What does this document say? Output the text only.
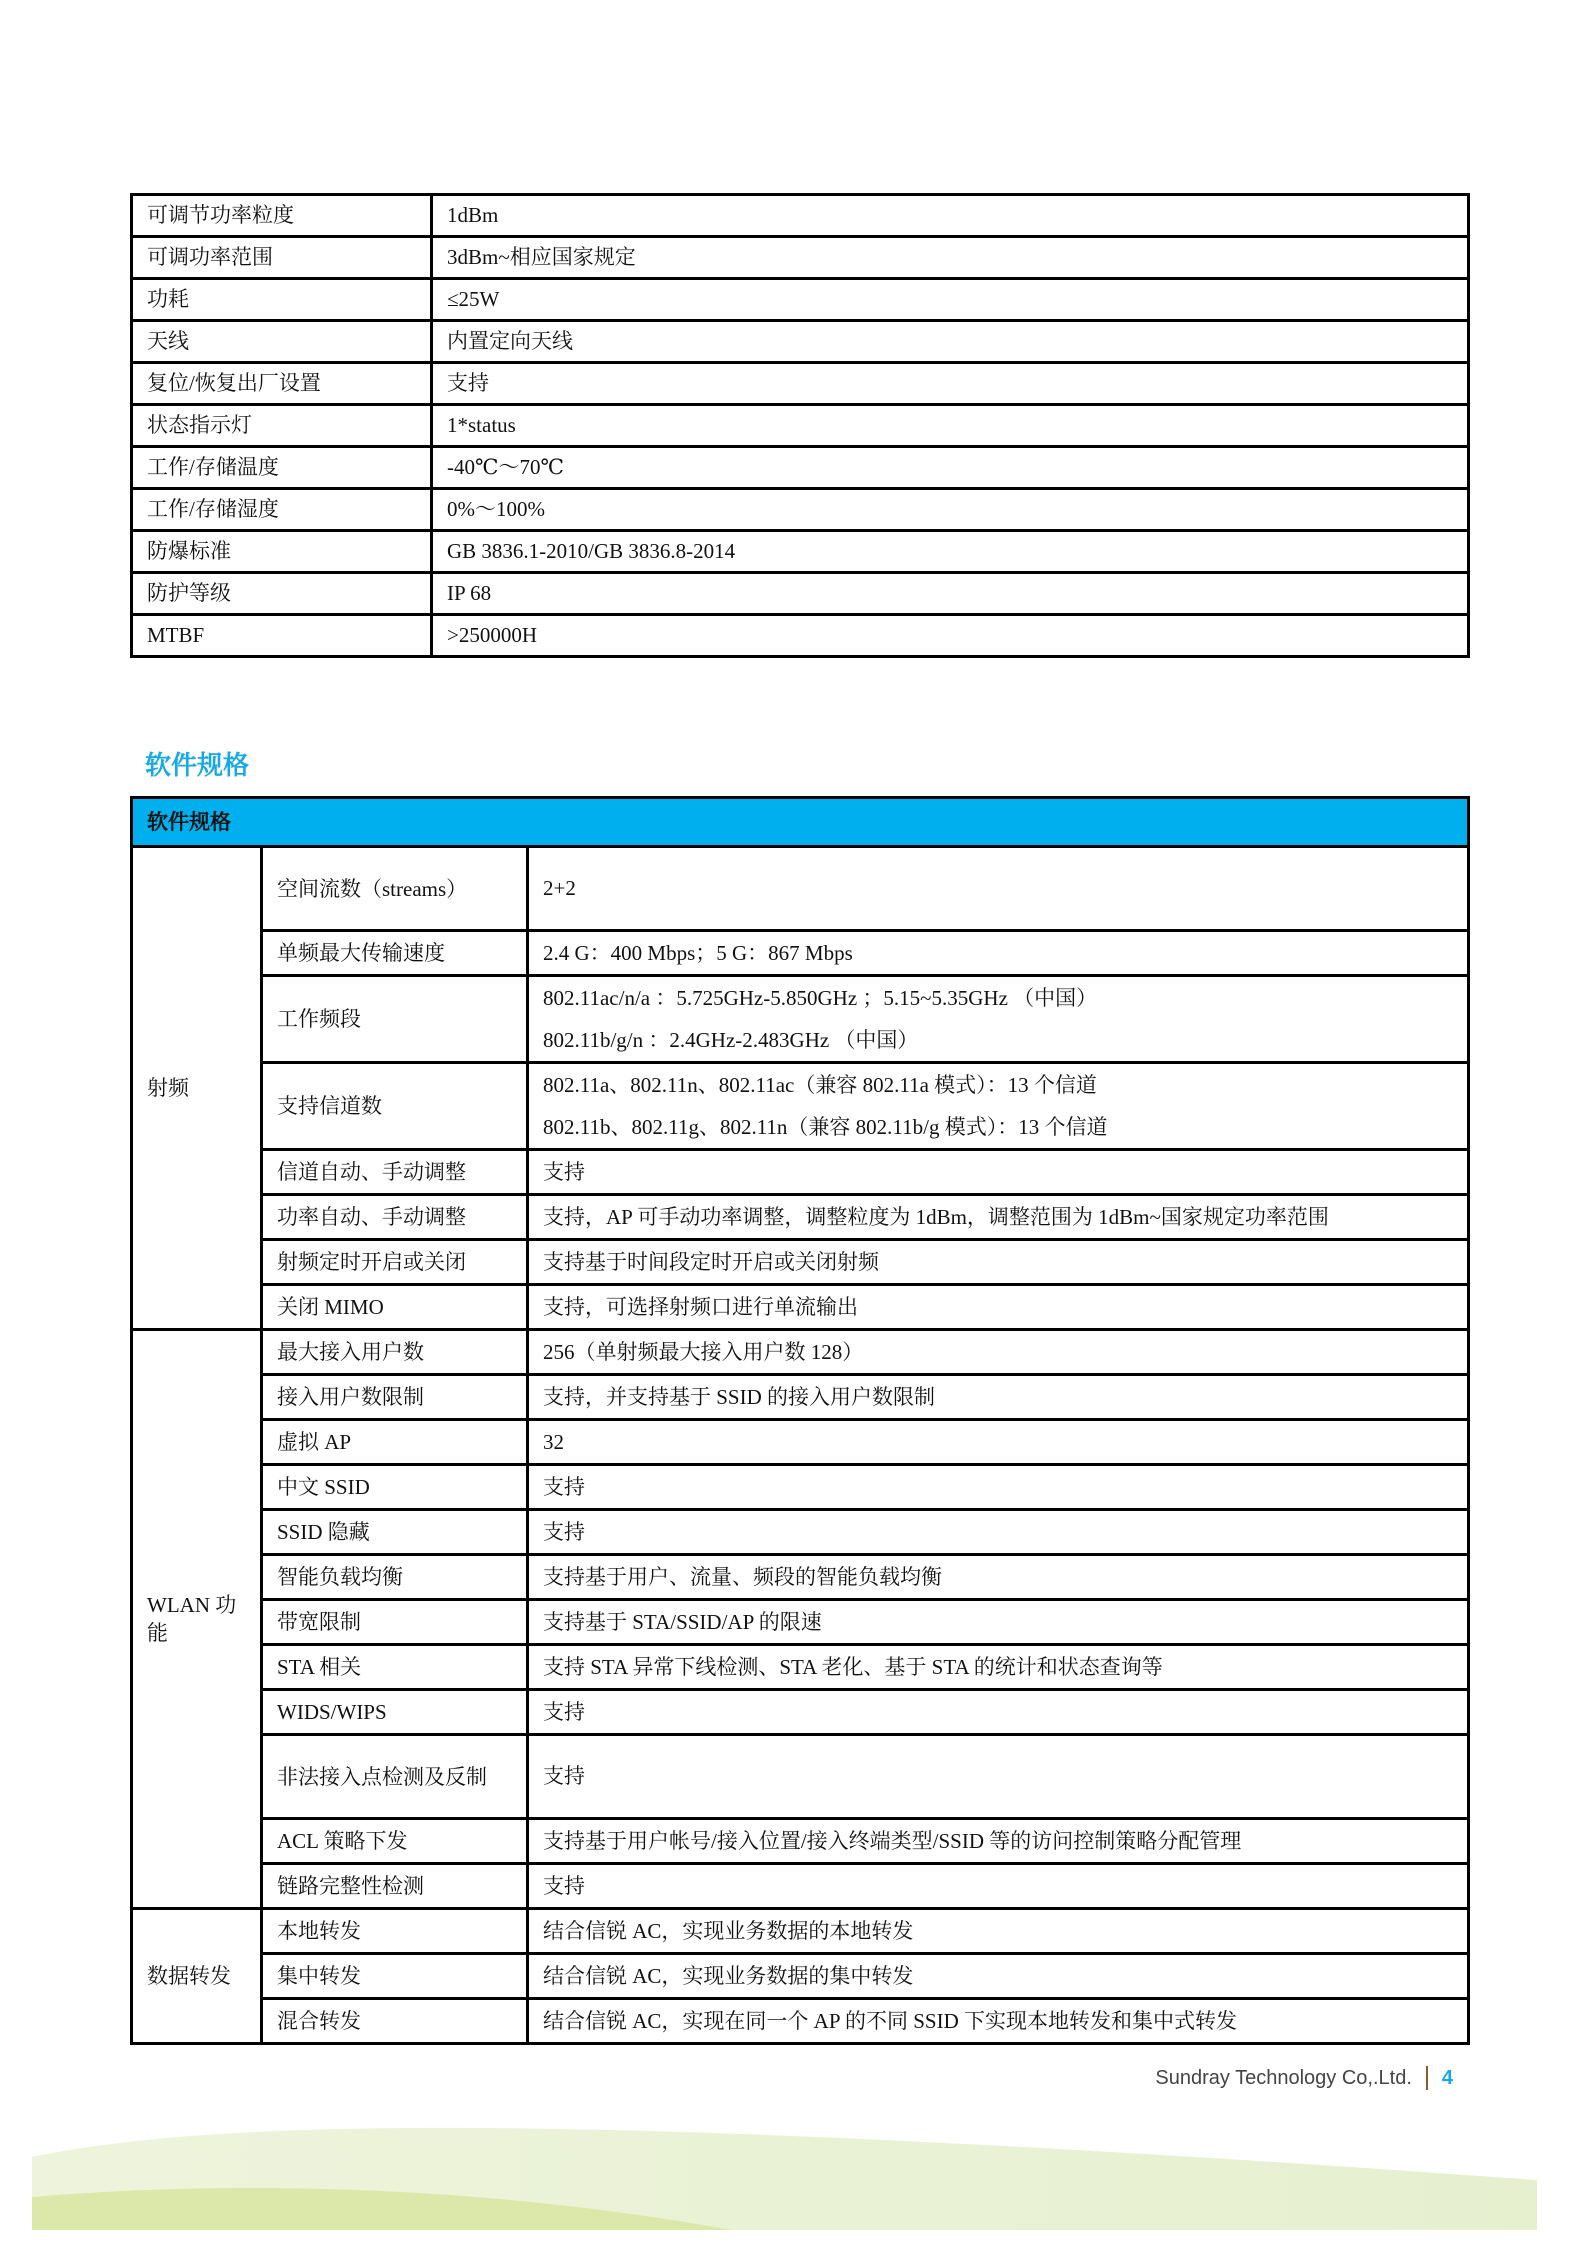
可调节功率粒度	1dBm
可调功率范围	3dBm~相应国家规定
功耗	≤25W
天线	内置定向天线
复位/恢复出厂设置	支持
状态指示灯	1*status
工作/存储温度	-40℃～70℃
工作/存储湿度	0%～100%
防爆标准	GB 3836.1-2010/GB 3836.8-2014
防护等级	IP 68
MTBF	>250000H
软件规格
软件规格		
射频	空间流数（streams）	2+2

	单频最大传输速度	2.4 G：400 Mbps；5 G：867 Mbps

	工作频段	802.11ac/n/a ：5.725GHz-5.850GHz ；5.15~5.35GHz （中国）
802.11b/g/n ：2.4GHz-2.483GHz （中国）

	支持信道数	802.11a、802.11n、802.11ac（兼容 802.11a 模式）：13 个信道
802.11b、802.11g、802.11n（兼容 802.11b/g 模式）：13 个信道

	信道自动、手动调整	支持

	功率自动、手动调整	支持，AP 可手动功率调整，调整粒度为 1dBm，调整范围为 1dBm~国家规定功率范围

	射频定时开启或关闭	支持基于时间段定时开启或关闭射频

	关闭 MIMO	支持，可选择射频口进行单流输出

WLAN 功能	最大接入用户数	256（单射频最大接入用户数 128）

	接入用户数限制	支持，并支持基于 SSID 的接入用户数限制

	虚拟 AP	32

	中文 SSID	支持

	SSID 隐藏	支持

	智能负载均衡	支持基于用户、流量、频段的智能负载均衡

	带宽限制	支持基于 STA/SSID/AP 的限速

	STA 相关	支持 STA 异常下线检测、STA 老化、基于 STA 的统计和状态查询等

	WIDS/WIPS	支持

	非法接入点检测及反制	支持

	ACL 策略下发	支持基于用户帐号/接入位置/接入终端类型/SSID 等的访问控制策略分配管理

	链路完整性检测	支持

数据转发	本地转发	结合信锐 AC，实现业务数据的本地转发

	集中转发	结合信锐 AC，实现业务数据的集中转发

	混合转发	结合信锐 AC，实现在同一个 AP 的不同 SSID 下实现本地转发和集中式转发
Sundray Technology Co,.Ltd. 4
